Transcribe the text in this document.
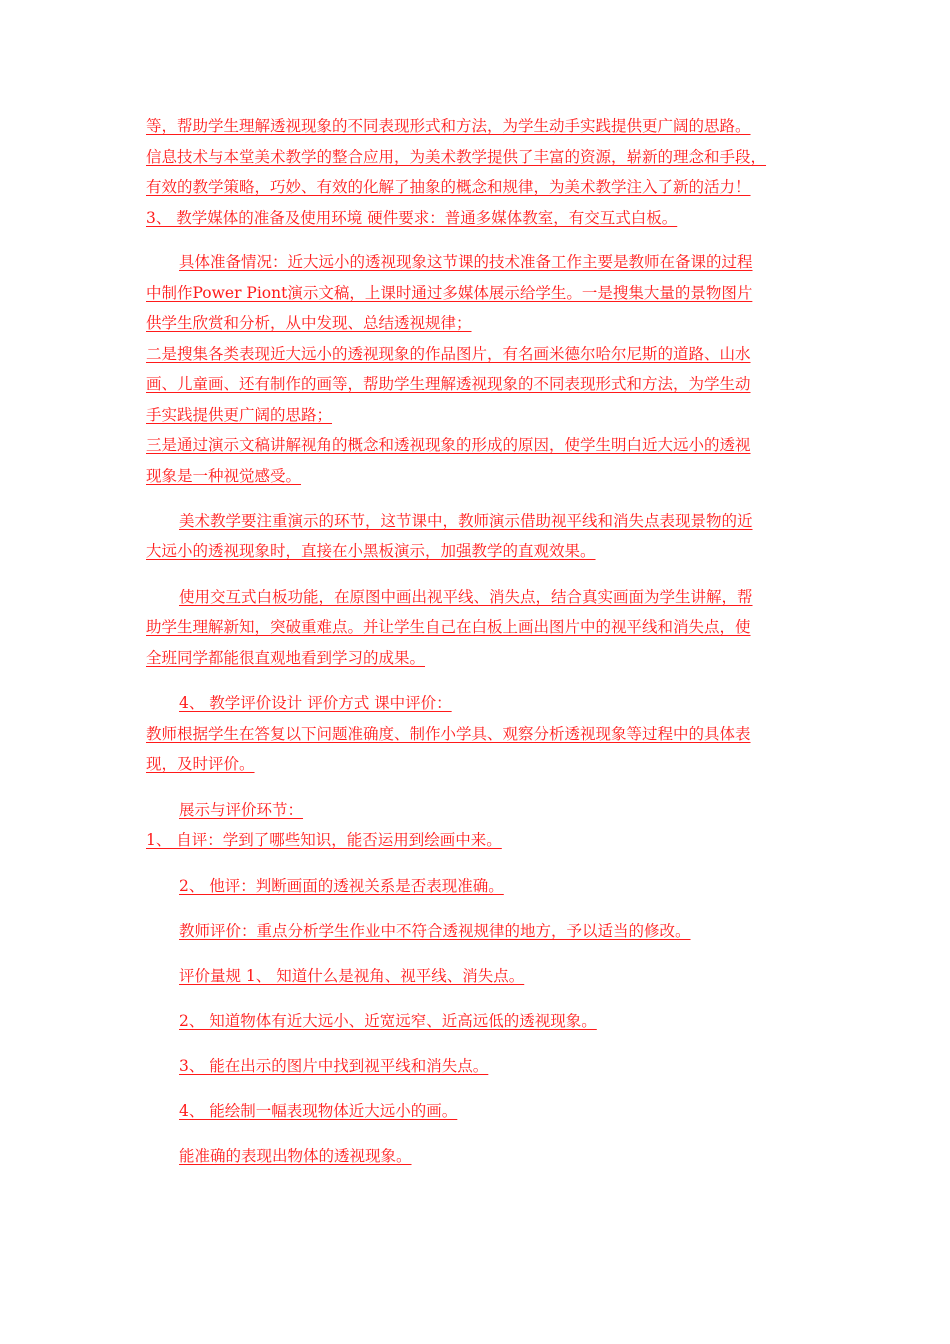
等，帮助学生理解透视现象的不同表现形式和方法，为学生动手实践提供更广阔的思路。
信息技术与本堂美术教学的整合应用，为美术教学提供了丰富的资源，崭新的理念和手段，
有效的教学策略，巧妙、有效的化解了抽象的概念和规律，为美术教学注入了新的活力！
3、 教学媒体的准备及使用环境 硬件要求：普通多媒体教室，有交互式白板。
具体准备情况：近大远小的透视现象这节课的技术准备工作主要是教师在备课的过程
中制作Power Piont演示文稿，上课时通过多媒体展示给学生。一是搜集大量的景物图片
供学生欣赏和分析，从中发现、总结透视规律；
二是搜集各类表现近大远小的透视现象的作品图片，有名画米德尔哈尔尼斯的道路、山水
画、儿童画、还有制作的画等，帮助学生理解透视现象的不同表现形式和方法，为学生动
手实践提供更广阔的思路；
三是通过演示文稿讲解视角的概念和透视现象的形成的原因，使学生明白近大远小的透视
现象是一种视觉感受。
美术教学要注重演示的环节，这节课中，教师演示借助视平线和消失点表现景物的近
大远小的透视现象时，直接在小黑板演示，加强教学的直观效果。
使用交互式白板功能，在原图中画出视平线、消失点，结合真实画面为学生讲解，帮
助学生理解新知，突破重难点。并让学生自己在白板上画出图片中的视平线和消失点，使
全班同学都能很直观地看到学习的成果。
4、 教学评价设计 评价方式 课中评价：
教师根据学生在答复以下问题准确度、制作小学具、观察分析透视现象等过程中的具体表
现，及时评价。
展示与评价环节：
1、 自评：学到了哪些知识，能否运用到绘画中来。
2、 他评：判断画面的透视关系是否表现准确。
教师评价：重点分析学生作业中不符合透视规律的地方，予以适当的修改。
评价量规 1、 知道什么是视角、视平线、消失点。
2、 知道物体有近大远小、近宽远窄、近高远低的透视现象。
3、 能在出示的图片中找到视平线和消失点。
4、 能绘制一幅表现物体近大远小的画。
能准确的表现出物体的透视现象。
